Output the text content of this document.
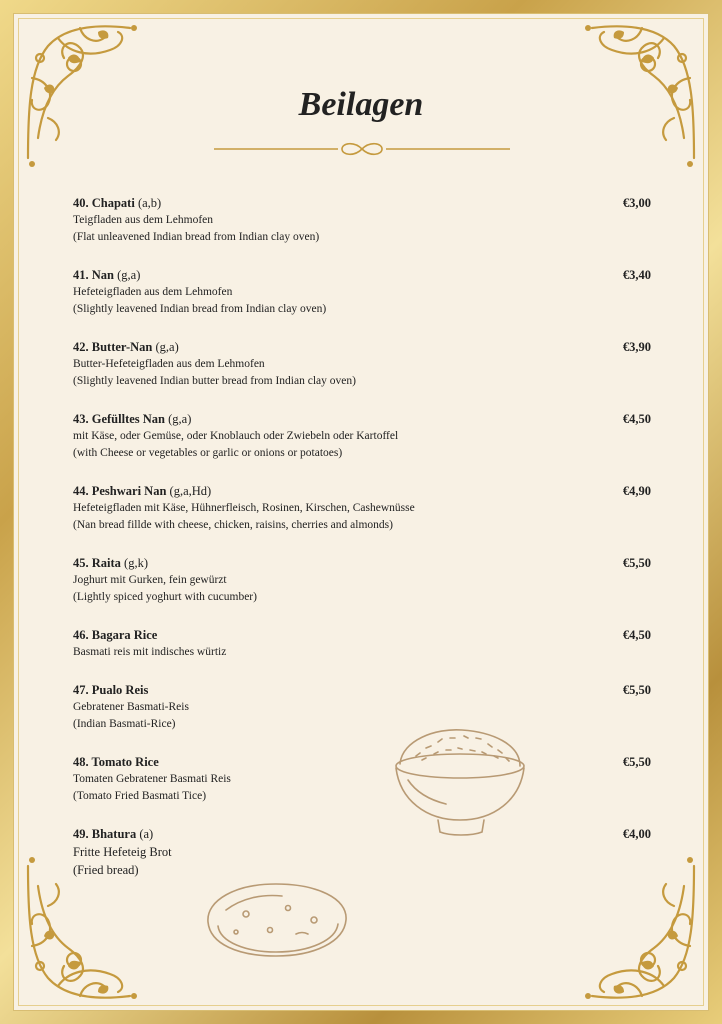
Beilagen
40. Chapati (a,b)	€3,00
Teigfladen aus dem Lehmofen
(Flat unleavened Indian bread from Indian clay oven)
41. Nan (g,a)	€3,40
Hefeteigfladen aus dem Lehmofen
(Slightly leavened Indian bread from Indian clay oven)
42. Butter-Nan (g,a)	€3,90
Butter-Hefeteigfladen aus dem Lehmofen
(Slightly leavened Indian butter bread from Indian clay oven)
43. Gefülltes Nan (g,a)	€4,50
mit Käse, oder Gemüse, oder Knoblauch oder Zwiebeln oder Kartoffel
(with Cheese or vegetables or garlic or onions or potatoes)
44. Peshwari Nan (g,a,Hd)	€4,90
Hefeteigfladen mit Käse, Hühnerfleisch, Rosinen, Kirschen, Cashewnüsse
(Nan bread fillde with cheese, chicken, raisins, cherries and almonds)
45. Raita (g,k)	€5,50
Joghurt mit Gurken, fein gewürzt
(Lightly spiced yoghurt with cucumber)
46. Bagara Rice	€4,50
Basmati reis mit indisches würtiz
47. Pualo Reis	€5,50
Gebratener Basmati-Reis
(Indian Basmati-Rice)
48. Tomato Rice	€5,50
Tomaten Gebratener Basmati Reis
(Tomato Fried Basmati Tice)
49. Bhatura (a)	€4,00
Fritte Hefeteig Brot
(Fried bread)
